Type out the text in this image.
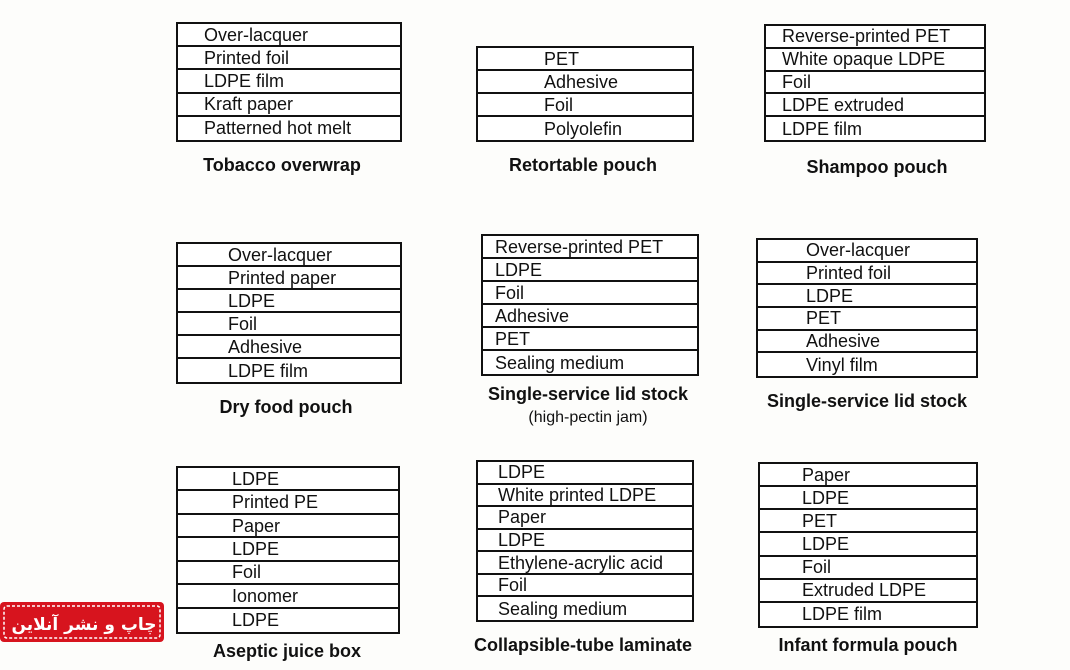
Over-lacquer
Printed foil
LDPE film
Kraft paper
Patterned hot melt
Tobacco overwrap
PET
Adhesive
Foil
Polyolefin
Retortable pouch
Reverse-printed PET
White opaque LDPE
Foil
LDPE extruded
LDPE film
Shampoo pouch
Over-lacquer
Printed paper
LDPE
Foil
Adhesive
LDPE film
Dry food pouch
Reverse-printed PET
LDPE
Foil
Adhesive
PET
Sealing medium
Single-service lid stock
(high-pectin jam)
Over-lacquer
Printed foil
LDPE
PET
Adhesive
Vinyl film
Single-service lid stock
LDPE
Printed PE
Paper
LDPE
Foil
Ionomer
LDPE
Aseptic juice box
LDPE
White printed LDPE
Paper
LDPE
Ethylene-acrylic acid
Foil
Sealing medium
Collapsible-tube laminate
Paper
LDPE
PET
LDPE
Foil
Extruded LDPE
LDPE film
Infant formula pouch
چاپ و نشر آنلاین
